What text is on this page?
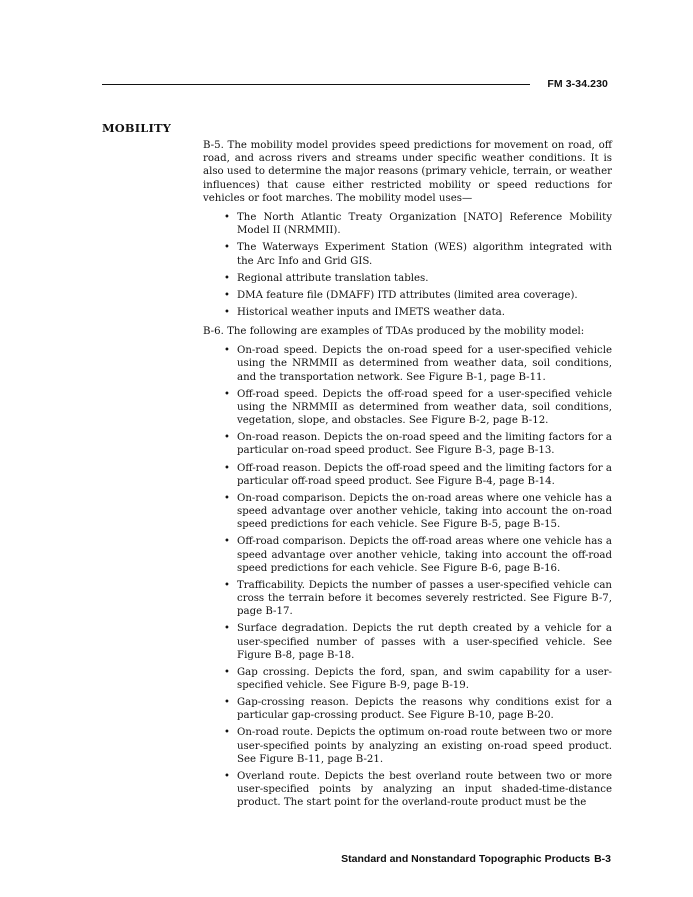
FM 3-34.230
MOBILITY

B-5. The mobility model provides speed predictions for movement on road, off road, and across rivers and streams under specific weather conditions. It is also used to determine the major reasons (primary vehicle, terrain, or weather influences) that cause either restricted mobility or speed reductions for vehicles or foot marches. The mobility model uses—

• The North Atlantic Treaty Organization [NATO] Reference Mobility Model II (NRMMII).
• The Waterways Experiment Station (WES) algorithm integrated with the Arc Info and Grid GIS.
• Regional attribute translation tables.
• DMA feature file (DMAFF) ITD attributes (limited area coverage).
• Historical weather inputs and IMETS weather data.

B-6. The following are examples of TDAs produced by the mobility model:

• On-road speed. Depicts the on-road speed for a user-specified vehicle using the NRMMII as determined from weather data, soil conditions, and the transportation network. See Figure B-1, page B-11.
• Off-road speed. Depicts the off-road speed for a user-specified vehicle using the NRMMII as determined from weather data, soil conditions, vegetation, slope, and obstacles. See Figure B-2, page B-12.
• On-road reason. Depicts the on-road speed and the limiting factors for a particular on-road speed product. See Figure B-3, page B-13.
• Off-road reason. Depicts the off-road speed and the limiting factors for a particular off-road speed product. See Figure B-4, page B-14.
• On-road comparison. Depicts the on-road areas where one vehicle has a speed advantage over another vehicle, taking into account the on-road speed predictions for each vehicle. See Figure B-5, page B-15.
• Off-road comparison. Depicts the off-road areas where one vehicle has a speed advantage over another vehicle, taking into account the off-road speed predictions for each vehicle. See Figure B-6, page B-16.
• Trafficability. Depicts the number of passes a user-specified vehicle can cross the terrain before it becomes severely restricted. See Figure B-7, page B-17.
• Surface degradation. Depicts the rut depth created by a vehicle for a user-specified number of passes with a user-specified vehicle. See Figure B-8, page B-18.
• Gap crossing. Depicts the ford, span, and swim capability for a user-specified vehicle. See Figure B-9, page B-19.
• Gap-crossing reason. Depicts the reasons why conditions exist for a particular gap-crossing product. See Figure B-10, page B-20.
• On-road route. Depicts the optimum on-road route between two or more user-specified points by analyzing an existing on-road speed product. See Figure B-11, page B-21.
• Overland route. Depicts the best overland route between two or more user-specified points by analyzing an input shaded-time-distance product. The start point for the overland-route product must be the
Standard and Nonstandard Topographic Products B-3
